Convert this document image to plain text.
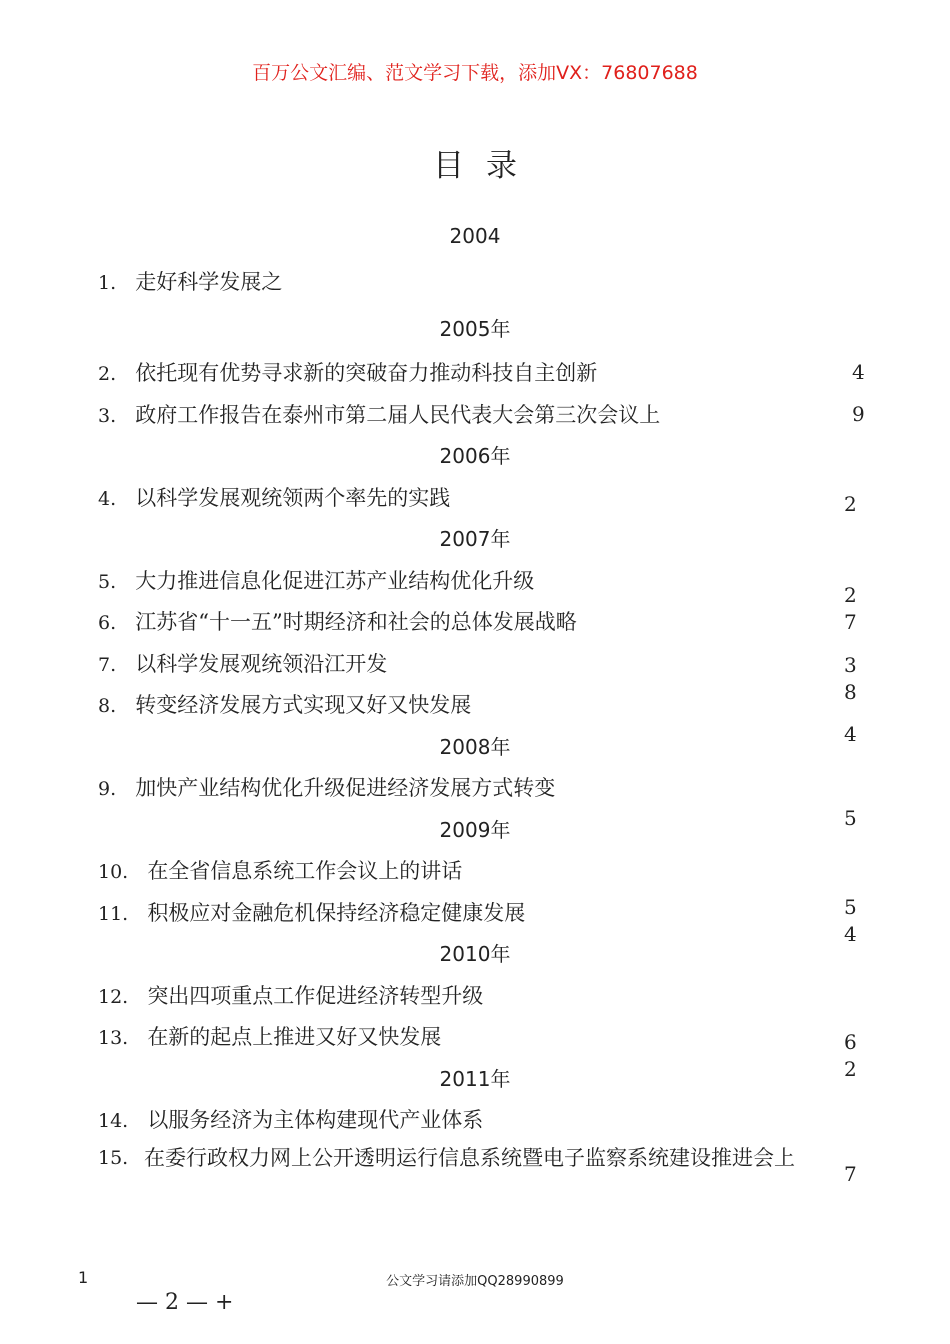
百万公文汇编、范文学习下载，添加VX：76807688
目录
2004
1. 走好科学发展之
2005年
2. 依托现有优势寻求新的突破奋力推动科技自主创新
3. 政府工作报告在泰州市第二届人民代表大会第三次会议上
2006年
4. 以科学发展观统领两个率先的实践
2007年
5. 大力推进信息化促进江苏产业结构优化升级
6. 江苏省“十一五”时期经济和社会的总体发展战略
7. 以科学发展观统领沿江开发
8. 转变经济发展方式实现又好又快发展
2008年
9. 加快产业结构优化升级促进经济发展方式转变
2009年
10. 在全省信息系统工作会议上的讲话
11. 积极应对金融危机保持经济稳定健康发展
2010年
12. 突出四项重点工作促进经济转型升级
13. 在新的起点上推进又好又快发展
2011年
14. 以服务经济为主体构建现代产业体系
15. 在委行政权力网上公开透明运行信息系统暨电子监察系统建设推进会上
4
9
2
2
7
3
8
4
5
5
4
6
2
7
1	公文学习请添加QQ28990899
— 2 — +
